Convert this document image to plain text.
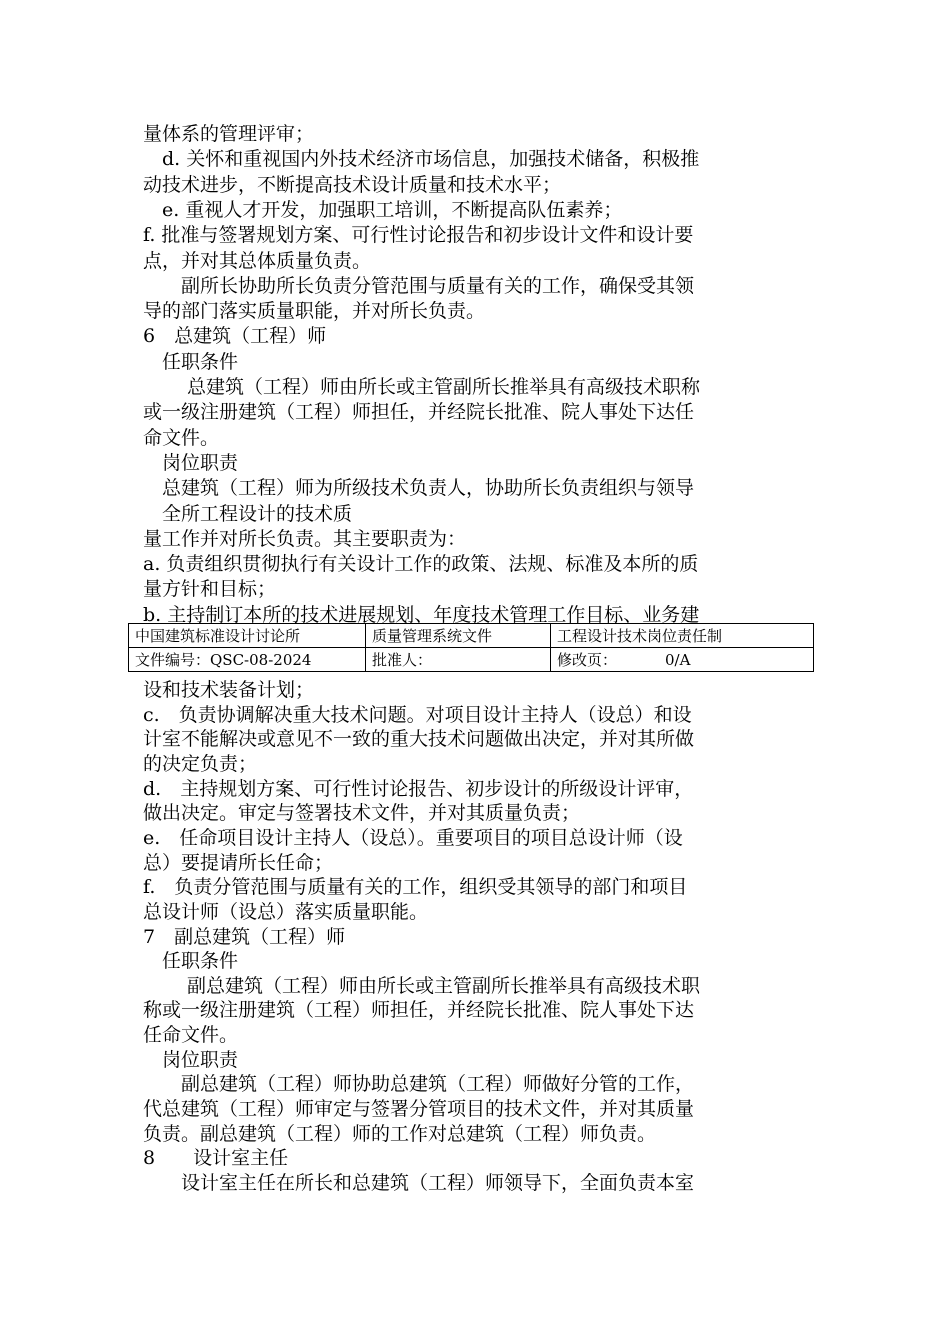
量体系的管理评审；
　d. 关怀和重视国内外技术经济市场信息，加强技术储备，积极推
动技术进步，不断提高技术设计质量和技术水平；
　e. 重视人才开发，加强职工培训，不断提高队伍素养；
f. 批准与签署规划方案、可行性讨论报告和初步设计文件和设计要
点，并对其总体质量负责。
　　副所长协助所长负责分管范围与质量有关的工作，确保受其领
导的部门落实质量职能，并对所长负责。
6　总建筑（工程）师
　任职条件
　　 总建筑（工程）师由所长或主管副所长推举具有高级技术职称
或一级注册建筑（工程）师担任，并经院长批准、院人事处下达任
命文件。
　岗位职责
　总建筑（工程）师为所级技术负责人，协助所长负责组织与领导
　全所工程设计的技术质
量工作并对所长负责。其主要职责为：
a. 负责组织贯彻执行有关设计工作的政策、法规、标准及本所的质
量方针和目标；
b. 主持制订本所的技术进展规划、年度技术管理工作目标、业务建
中国建筑标准设计讨论所	质量管理系统文件	工程设计技术岗位责任制
文件编号：QSC-08-2024	批准人：	修改页： 0/A
设和技术装备计划；
c.　负责协调解决重大技术问题。对项目设计主持人（设总）和设
计室不能解决或意见不一致的重大技术问题做出决定，并对其所做
的决定负责；
d.　主持规划方案、可行性讨论报告、初步设计的所级设计评审，
做出决定。审定与签署技术文件，并对其质量负责；
e.　任命项目设计主持人（设总）。重要项目的项目总设计师（设
总）要提请所长任命；
f.　负责分管范围与质量有关的工作，组织受其领导的部门和项目
总设计师（设总）落实质量职能。
7　副总建筑（工程）师
　任职条件
　　 副总建筑（工程）师由所长或主管副所长推举具有高级技术职
称或一级注册建筑（工程）师担任，并经院长批准、院人事处下达
任命文件。
　岗位职责
　　副总建筑（工程）师协助总建筑（工程）师做好分管的工作，
代总建筑（工程）师审定与签署分管项目的技术文件，并对其质量
负责。副总建筑（工程）师的工作对总建筑（工程）师负责。
8　　设计室主任
　　设计室主任在所长和总建筑（工程）师领导下，全面负责本室
